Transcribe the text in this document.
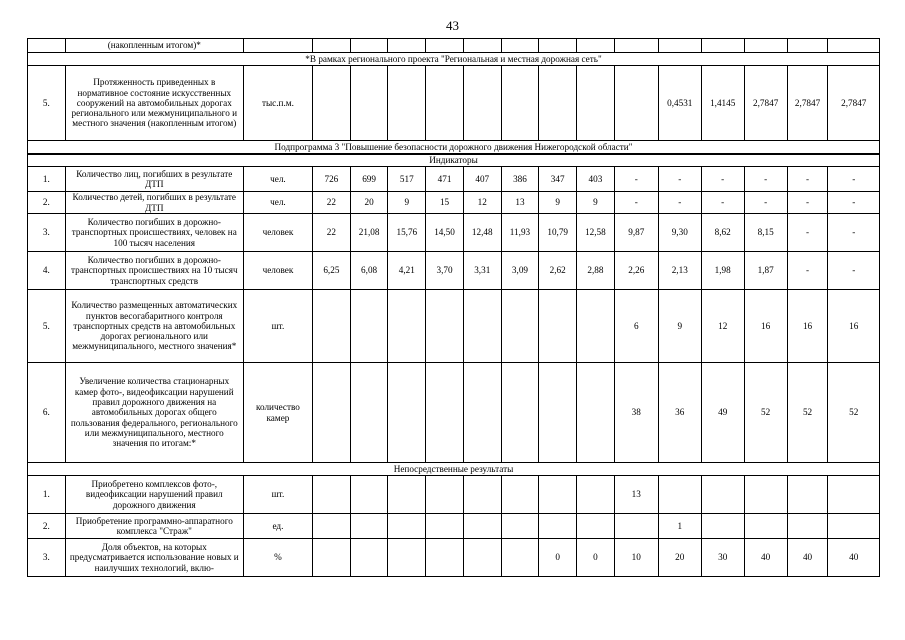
43
	(накопленным итогом)*															
*В рамках регионального проекта "Региональная и местная дорожная сеть"																
5.	Протяженность приведенных в нормативное состояние искусственных сооружений на автомобильных дорогах регионального или межмуниципального и местного значения (накопленным итогом)	тыс.п.м.										0,4531	1,4145	2,7847	2,7847	2,7847
Подпрограмма 3 "Повышение безопасности дорожного движения Нижегородской области"																
Индикаторы																
1.	Количество лиц, погибших в результате ДТП	чел.	726	699	517	471	407	386	347	403	-	-	-	-	-	-
2.	Количество детей, погибших в результате ДТП	чел.	22	20	9	15	12	13	9	9	-	-	-	-	-	-
3.	Количество погибших в дорожно-транспортных происшествиях, человек на 100 тысяч населения	человек	22	21,08	15,76	14,50	12,48	11,93	10,79	12,58	9,87	9,30	8,62	8,15	-	-
4.	Количество погибших в дорожно-транспортных происшествиях на 10 тысяч транспортных средств	человек	6,25	6,08	4,21	3,70	3,31	3,09	2,62	2,88	2,26	2,13	1,98	1,87	-	-
5.	Количество размещенных автоматических пунктов весогабаритного контроля транспортных средств на автомобильных дорогах регионального или межмуниципального, местного значения*	шт.									6	9	12	16	16	16
6.	Увеличение количества стационарных камер фото-, видеофиксации нарушений правил дорожного движения на автомобильных дорогах общего пользования федерального, регионального или межмуниципального, местного значения по итогам:*	количество камер									38	36	49	52	52	52
Непосредственные результаты																
1.	Приобретено комплексов фото-, видеофиксации нарушений правил дорожного движения	шт.									13					
2.	Приобретение программно-аппаратного комплекса "Страж"	ед.										1				
3.	Доля объектов, на которых предусматривается использование новых и наилучших технологий, вклю-	%							0	0	10	20	30	40	40	40
